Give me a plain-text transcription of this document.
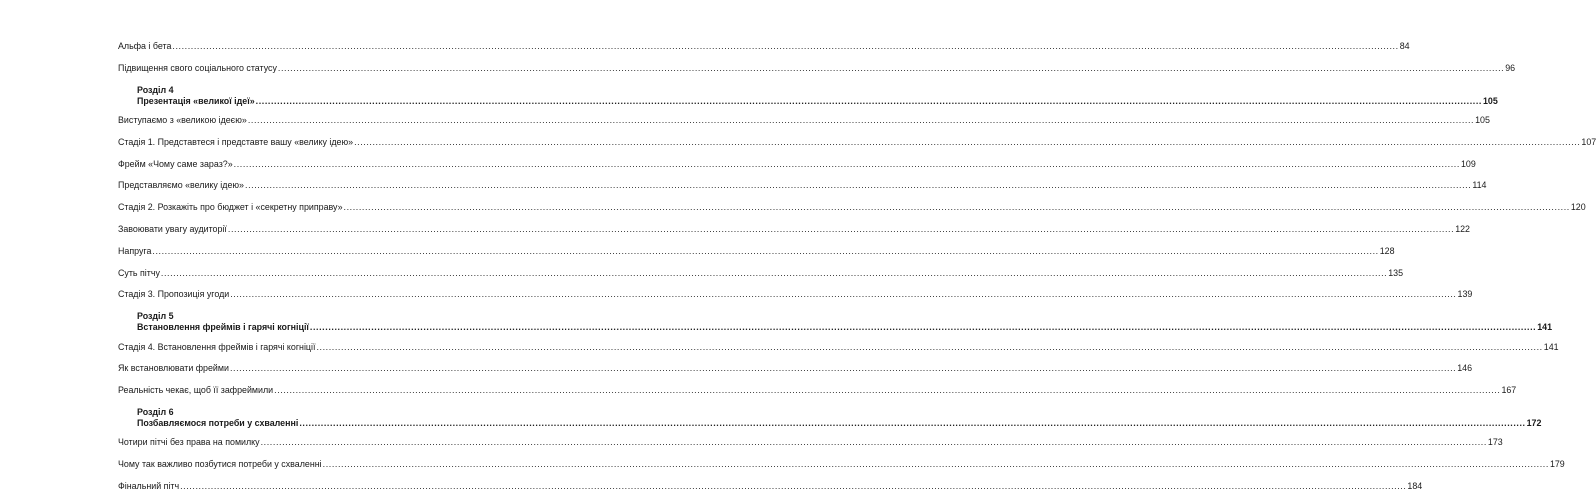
Альфа і бета ................................................................................................................................................................................................................................................................................................................................................................................................................ 84
Підвищення свого соціального статусу ................................................................................................................................................................................................................................................................................................................................................................................................................ 96
Розділ 4
Презентація «великої ідеї» ................................................................................................................................................................................................................................................................................................................................................................................................................ 105
Виступаємо з «великою ідеєю» ................................................................................................................................................................................................................................................................................................................................................................................................................ 105
Стадія 1. Представтеся і представте вашу «велику ідею» ................................................................................................................................................................................................................................................................................................................................................................................................................ 107
Фрейм «Чому саме зараз?» ................................................................................................................................................................................................................................................................................................................................................................................................................ 109
Представляємо «велику ідею» ................................................................................................................................................................................................................................................................................................................................................................................................................ 114
Стадія 2. Розкажіть про бюджет і «секретну приправу» ................................................................................................................................................................................................................................................................................................................................................................................................................ 120
Завоювати увагу аудиторії ................................................................................................................................................................................................................................................................................................................................................................................................................ 122
Напруга ................................................................................................................................................................................................................................................................................................................................................................................................................ 128
Суть пітчу ................................................................................................................................................................................................................................................................................................................................................................................................................ 135
Стадія 3. Пропозиція угоди ................................................................................................................................................................................................................................................................................................................................................................................................................ 139
Розділ 5
Встановлення фреймів і гарячі когніції ................................................................................................................................................................................................................................................................................................................................................................................................................ 141
Стадія 4. Встановлення фреймів і гарячі когніції ................................................................................................................................................................................................................................................................................................................................................................................................................ 141
Як встановлювати фрейми ................................................................................................................................................................................................................................................................................................................................................................................................................ 146
Реальність чекає, щоб її зафреймили ................................................................................................................................................................................................................................................................................................................................................................................................................ 167
Розділ 6
Позбавляємося потреби у схваленні ................................................................................................................................................................................................................................................................................................................................................................................................................ 172
Чотири пітчі без права на помилку ................................................................................................................................................................................................................................................................................................................................................................................................................ 173
Чому так важливо позбутися потреби у схваленні ................................................................................................................................................................................................................................................................................................................................................................................................................ 179
Фінальний пітч ................................................................................................................................................................................................................................................................................................................................................................................................................ 184
